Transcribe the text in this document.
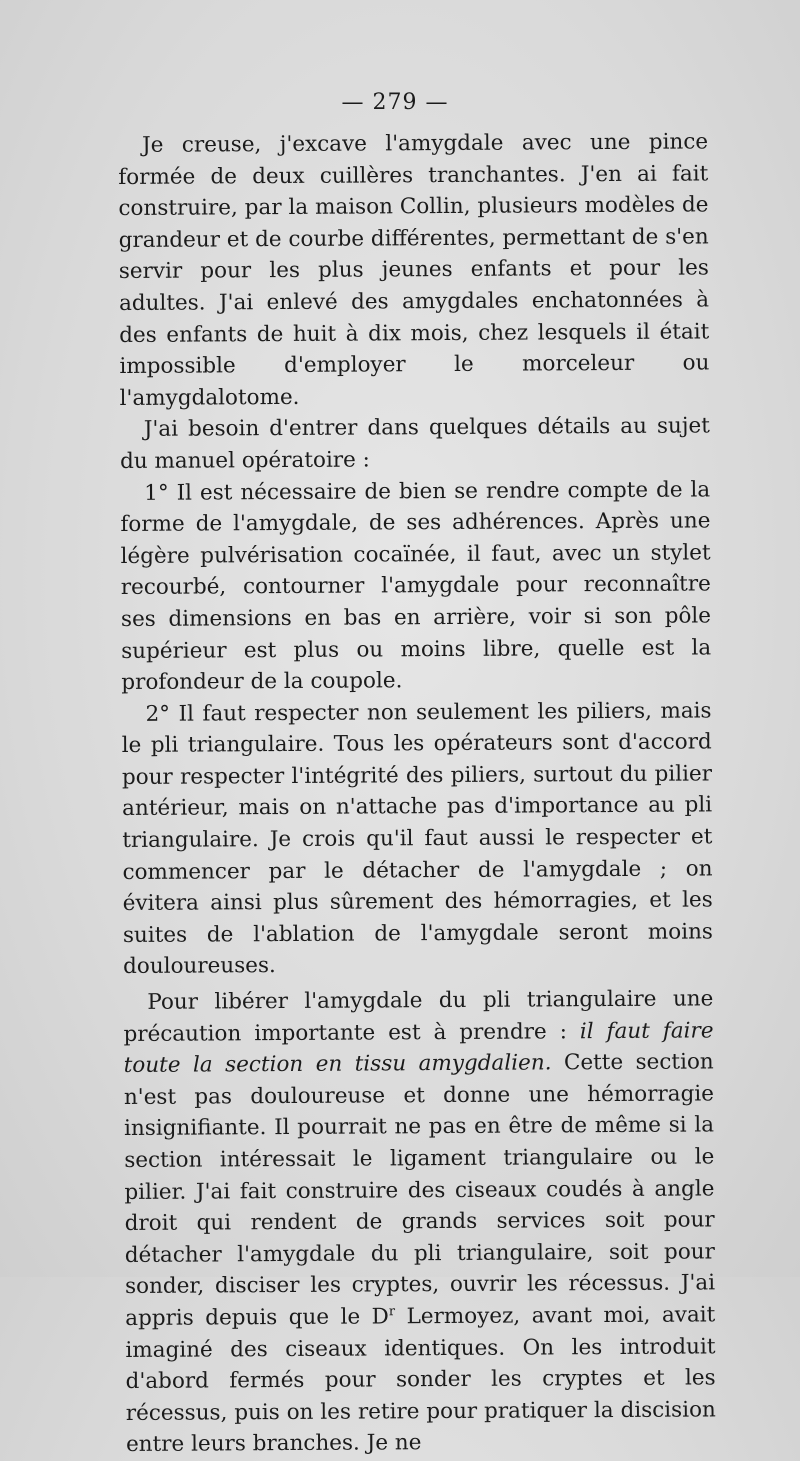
— 279 —

Je creuse, j'excave l'amygdale avec une pince formée de deux cuillères tranchantes. J'en ai fait construire, par la maison Collin, plusieurs modèles de grandeur et de courbe différentes, permettant de s'en servir pour les plus jeunes enfants et pour les adultes. J'ai enlevé des amygdales enchatonnées à des enfants de huit à dix mois, chez lesquels il était impossible d'employer le morceleur ou l'amygdalotome.

J'ai besoin d'entrer dans quelques détails au sujet du manuel opératoire :

1° Il est nécessaire de bien se rendre compte de la forme de l'amygdale, de ses adhérences. Après une légère pulvérisation cocaïnée, il faut, avec un stylet recourbé, contourner l'amygdale pour reconnaître ses dimensions en bas en arrière, voir si son pôle supérieur est plus ou moins libre, quelle est la profondeur de la coupole.

2° Il faut respecter non seulement les piliers, mais le pli triangulaire. Tous les opérateurs sont d'accord pour respecter l'intégrité des piliers, surtout du pilier antérieur, mais on n'attache pas d'importance au pli triangulaire. Je crois qu'il faut aussi le respecter et commencer par le détacher de l'amygdale ; on évitera ainsi plus sûrement des hémorragies, et les suites de l'ablation de l'amygdale seront moins douloureuses.

Pour libérer l'amygdale du pli triangulaire une précaution importante est à prendre : il faut faire toute la section en tissu amygdalien. Cette section n'est pas douloureuse et donne une hémorragie insignifiante. Il pourrait ne pas en être de même si la section intéressait le ligament triangulaire ou le pilier. J'ai fait construire des ciseaux coudés à angle droit qui rendent de grands services soit pour détacher l'amygdale du pli triangulaire, soit pour sonder, disciser les cryptes, ouvrir les récessus. J'ai appris depuis que le $D^r$ Lermoyez, avant moi, avait imaginé des ciseaux identiques. On les introduit d'abord fermés pour sonder les cryptes et les récessus, puis on les retire pour pratiquer la discision entre leurs branches. Je ne
